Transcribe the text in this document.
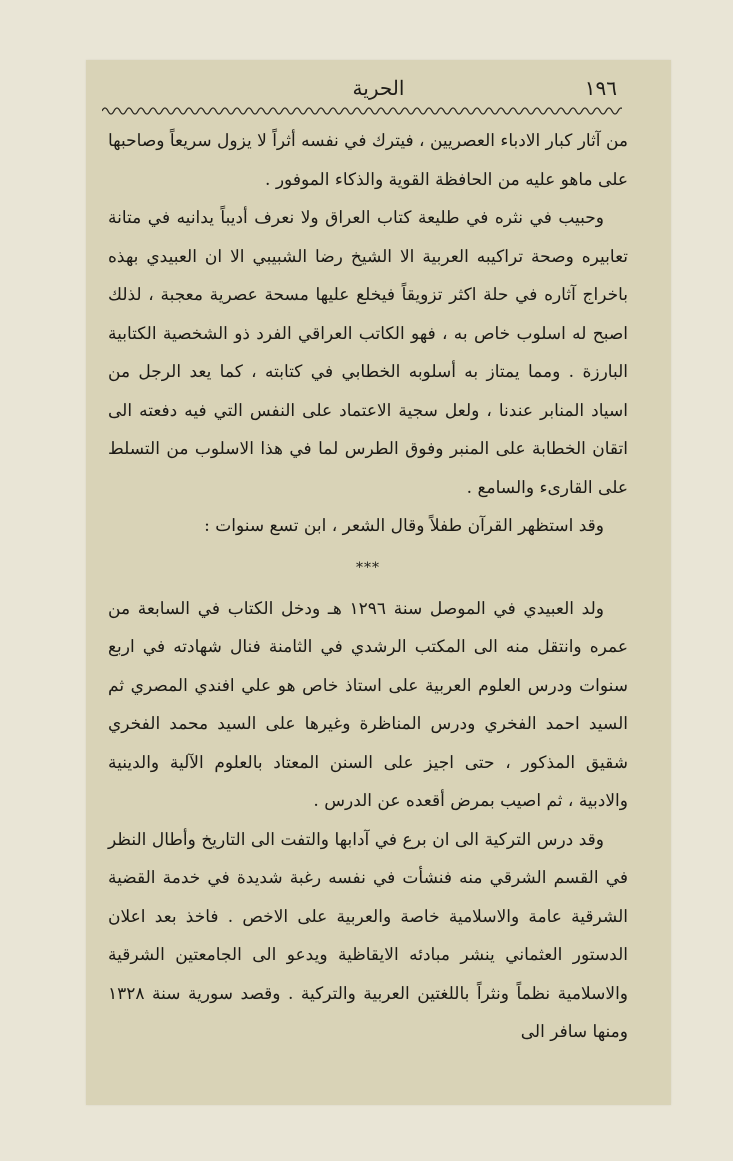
١٩٦
الحرية

من آثار كبار الادباء العصريين ، فيترك في نفسه أثراً لا يزول سريعاً وصاحبها على ماهو عليه من الحافظة القوية والذكاء الموفور .

وحبيب في نثره في طليعة كتاب العراق ولا نعرف أديباً يدانيه في متانة تعابيره وصحة تراكيبه العربية الا الشيخ رضا الشبيبي الا ان العبيدي بهذه باخراج آثاره في حلة اكثر تزويقاً فيخلع عليها مسحة عصرية معجبة ، لذلك اصبح له اسلوب خاص به ، فهو الكاتب العراقي الفرد ذو الشخصية الكتابية البارزة . ومما يمتاز به أسلوبه الخطابي في كتابته ، كما يعد الرجل من اسياد المنابر عندنا ، ولعل سجية الاعتماد على النفس التي فيه دفعته الى اتقان الخطابة على المنبر وفوق الطرس لما في هذا الاسلوب من التسلط على القارىء والسامع .

وقد استظهر القرآن طفلاً وقال الشعر ، ابن تسع سنوات :

***

ولد العبيدي في الموصل سنة ١٢٩٦ هـ ودخل الكتاب في السابعة من عمره وانتقل منه الى المكتب الرشدي في الثامنة فنال شهادته في اربع سنوات ودرس العلوم العربية على استاذ خاص هو علي افندي المصري ثم السيد احمد الفخري ودرس المناظرة وغيرها على السيد محمد الفخري شقيق المذكور ، حتى اجيز على السنن المعتاد بالعلوم الآلية والدينية والادبية ، ثم اصيب بمرض أقعده عن الدرس .

وقد درس التركية الى ان برع في آدابها والتفت الى التاريخ وأطال النظر في القسم الشرقي منه فنشأت في نفسه رغبة شديدة في خدمة القضية الشرقية عامة والاسلامية خاصة والعربية على الاخص . فاخذ بعد اعلان الدستور العثماني ينشر مبادئه الايقاظية ويدعو الى الجامعتين الشرقية والاسلامية نظماً ونثراً باللغتين العربية والتركية . وقصد سورية سنة ١٣٢٨ ومنها سافر الى
